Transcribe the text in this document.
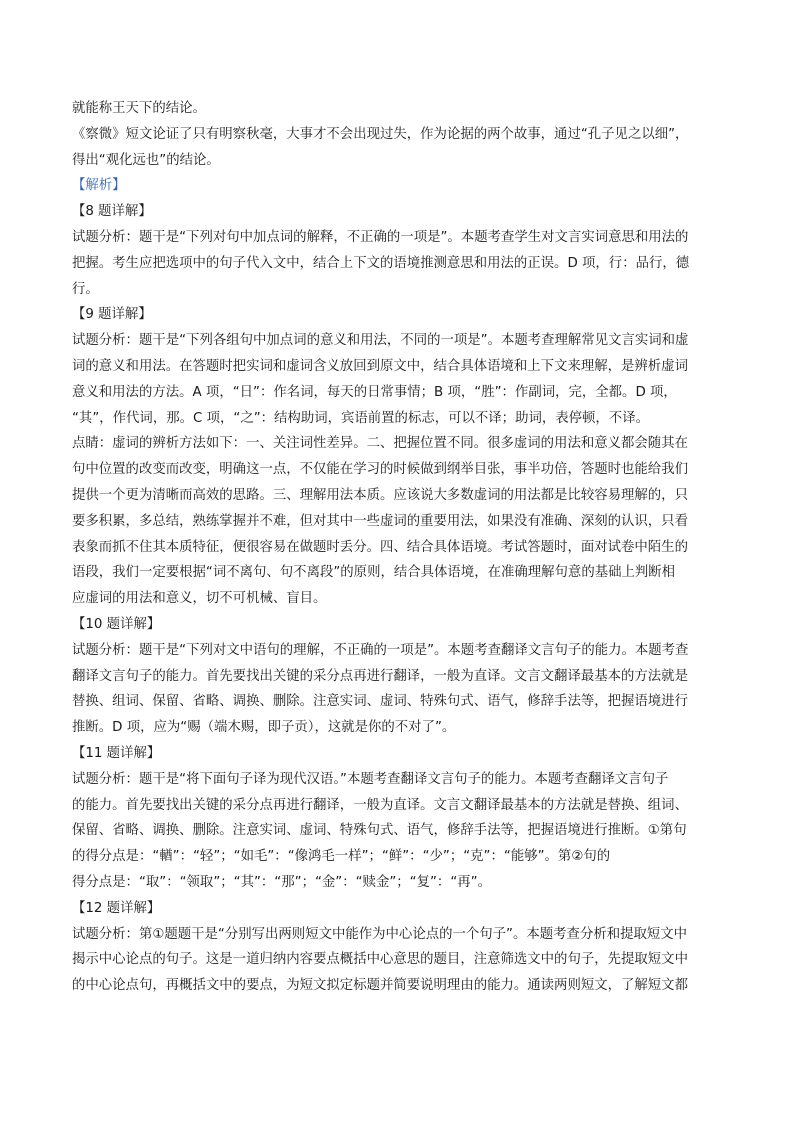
就能称王天下的结论。
《察微》短文论证了只有明察秋毫，大事才不会出现过失，作为论据的两个故事，通过“孔子见之以细”，
得出“观化远也”的结论。
【解析】
【8 题详解】
试题分析：题干是“下列对句中加点词的解释，不正确的一项是”。本题考查学生对文言实词意思和用法的
把握。考生应把选项中的句子代入文中，结合上下文的语境推测意思和用法的正误。D 项，行：品行，德
行。
【9 题详解】
试题分析：题干是“下列各组句中加点词的意义和用法，不同的一项是”。本题考查理解常见文言实词和虚
词的意义和用法。在答题时把实词和虚词含义放回到原文中，结合具体语境和上下文来理解，是辨析虚词
意义和用法的方法。A 项，“日”：作名词，每天的日常事情；B 项，“胜”：作副词，完，全都。D 项，
“其”，作代词，那。C 项，“之”：结构助词，宾语前置的标志，可以不译；助词，表停顿，不译。
点睛：虚词的辨析方法如下：一、关注词性差异。二、把握位置不同。很多虚词的用法和意义都会随其在
句中位置的改变而改变，明确这一点，不仅能在学习的时候做到纲举目张，事半功倍，答题时也能给我们
提供一个更为清晰而高效的思路。三、理解用法本质。应该说大多数虚词的用法都是比较容易理解的，只
要多积累，多总结，熟练掌握并不难，但对其中一些虚词的重要用法，如果没有准确、深刻的认识，只看
表象而抓不住其本质特征，便很容易在做题时丢分。四、结合具体语境。考试答题时，面对试卷中陌生的
语段，我们一定要根据“词不离句、句不离段”的原则，结合具体语境，在准确理解句意的基础上判断相
应虚词的用法和意义，切不可机械、盲目。
【10 题详解】
试题分析：题干是“下列对文中语句的理解，不正确的一项是”。本题考查翻译文言句子的能力。本题考查
翻译文言句子的能力。首先要找出关键的采分点再进行翻译，一般为直译。文言文翻译最基本的方法就是
替换、组词、保留、省略、调换、删除。注意实词、虚词、特殊句式、语气，修辞手法等，把握语境进行
推断。D 项，应为“赐（端木赐，即子贡），这就是你的不对了”。
【11 题详解】
试题分析：题干是“将下面句子译为现代汉语。”本题考查翻译文言句子的能力。本题考查翻译文言句子
的能力。首先要找出关键的采分点再进行翻译，一般为直译。文言文翻译最基本的方法就是替换、组词、
保留、省略、调换、删除。注意实词、虚词、特殊句式、语气，修辞手法等，把握语境进行推断。①第句
的得分点是：“輶”：“轻”；“如毛”：“像鸿毛一样”；“鲜”：“少”；“克”：“能够”。第②句的
得分点是：“取”：“领取”；“其”：“那”；“金”：“赎金”；“复”：“再”。
【12 题详解】
试题分析：第①题题干是“分别写出两则短文中能作为中心论点的一个句子”。本题考查分析和提取短文中
揭示中心论点的句子。这是一道归纳内容要点概括中心意思的题目，注意筛选文中的句子，先提取短文中
的中心论点句，再概括文中的要点，为短文拟定标题并简要说明理由的能力。通读两则短文，了解短文都
